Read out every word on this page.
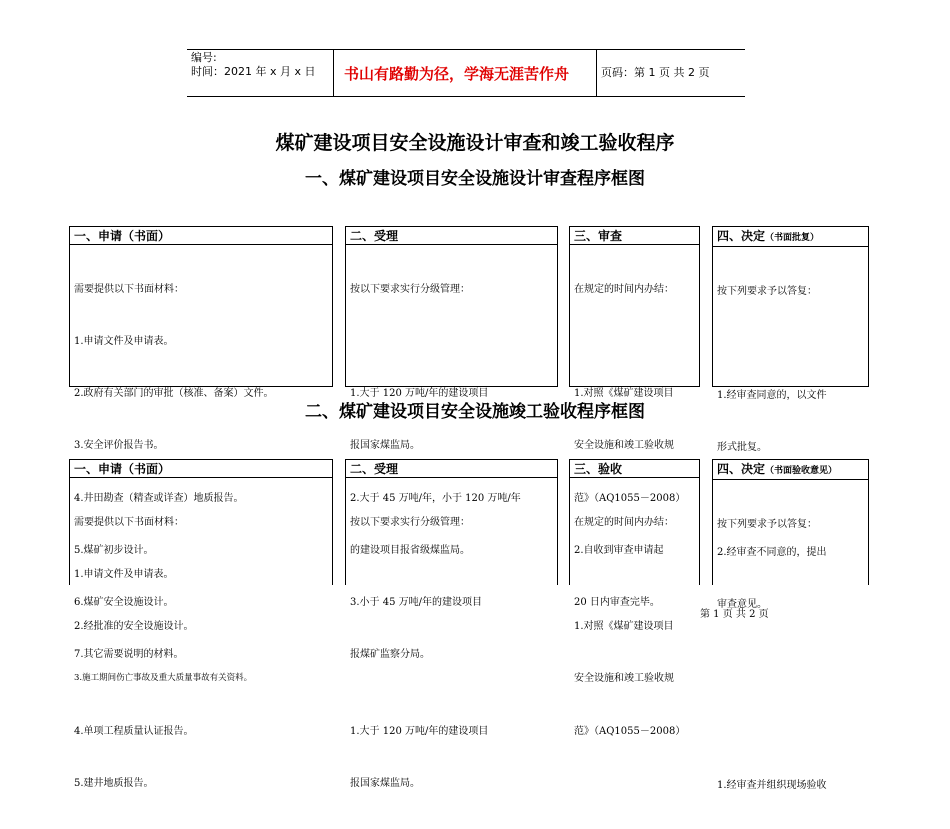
编号:
时间：2021 年 x 月 x 日 书山有路勤为径，学海无涯苦作舟	页码：第 1 页 共 2 页
煤矿建设项目安全设施设计审查和竣工验收程序
一、煤矿建设项目安全设施设计审查程序框图
一、申请（书面）

需要提供以下书面材料：

1.申请文件及申请表。

2.政府有关部门的审批（核准、备案）文件。

3.安全评价报告书。

4.井田勘查（精查或详查）地质报告。

5.煤矿初步设计。

6.煤矿安全设施设计。

7.其它需要说明的材料。

二、受理

按以下要求实行分级管理：

1.大于 120 万吨/年的建设项目

报国家煤监局。

2.大于 45 万吨/年，小于 120 万吨/年

的建设项目报省级煤监局。

3.小于 45 万吨/年的建设项目

报煤矿监察分局。

三、审查

在规定的时间内办结：

1.对照《煤矿建设项目

安全设施和竣工验收规

范》（AQ1055－2008）

2.自收到审查申请起

20 日内审查完毕。

四、决定（书面批复）

按下列要求予以答复：

1.经审查同意的，以文件

形式批复。

2.经审查不同意的，提出

审查意见。

二、煤矿建设项目安全设施竣工验收程序框图
一、申请（书面）

需要提供以下书面材料：

1.申请文件及申请表。

2.经批准的安全设施设计。

3.施工期间伤亡事故及重大质量事故有关资料。

4.单项工程质量认证报告。

5.建井地质报告。

二、受理

按以下要求实行分级管理：

1.大于 120 万吨/年的建设项目

报国家煤监局。

三、验收

在规定的时间内办结：

1.对照《煤矿建设项目

安全设施和竣工验收规

范》（AQ1055－2008）

四、决定（书面验收意见）

按下列要求予以答复：

1.经审查并组织现场验收

第 1 页 共 2 页
